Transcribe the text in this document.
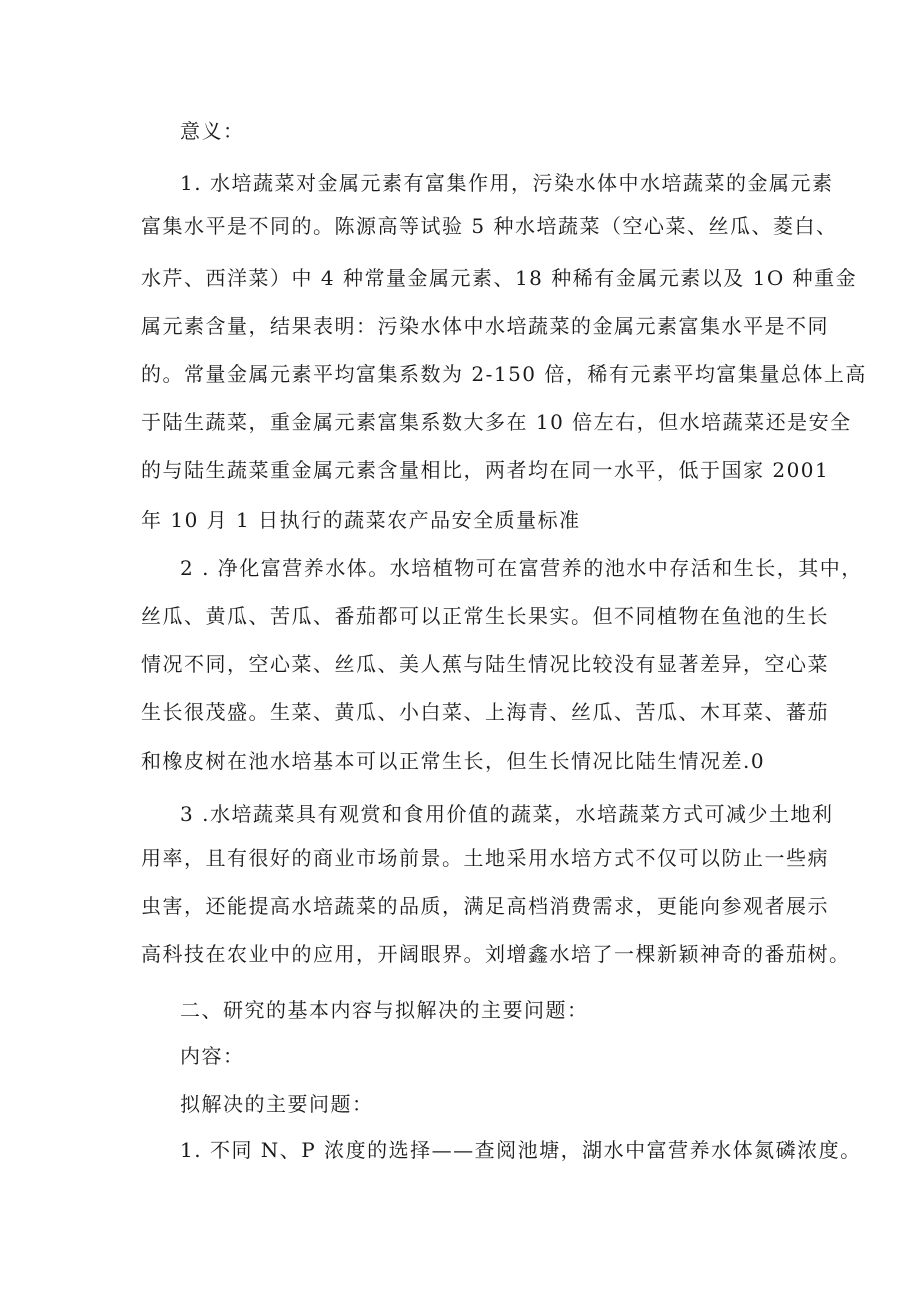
意义：

1. 水培蔬菜对金属元素有富集作用，污染水体中水培蔬菜的金属元素

富集水平是不同的。陈源高等试验 5 种水培蔬菜（空心菜、丝瓜、菱白、

水芹、西洋菜）中 4 种常量金属元素、18 种稀有金属元素以及 1O 种重金

属元素含量，结果表明：污染水体中水培蔬菜的金属元素富集水平是不同

的。常量金属元素平均富集系数为 2-150 倍，稀有元素平均富集量总体上高

于陆生蔬菜，重金属元素富集系数大多在 10 倍左右，但水培蔬菜还是安全

的与陆生蔬菜重金属元素含量相比，两者均在同一水平，低于国家 2001

年 10 月 1 日执行的蔬菜农产品安全质量标准

2 . 净化富营养水体。水培植物可在富营养的池水中存活和生长，其中，

丝瓜、黄瓜、苦瓜、番茄都可以正常生长果实。但不同植物在鱼池的生长

情况不同，空心菜、丝瓜、美人蕉与陆生情况比较没有显著差异，空心菜

生长很茂盛。生菜、黄瓜、小白菜、上海青、丝瓜、苦瓜、木耳菜、蕃茄

和橡皮树在池水培基本可以正常生长，但生长情况比陆生情况差.0

3 .水培蔬菜具有观赏和食用价值的蔬菜，水培蔬菜方式可减少土地利

用率，且有很好的商业市场前景。土地采用水培方式不仅可以防止一些病

虫害，还能提高水培蔬菜的品质，满足高档消费需求，更能向参观者展示

高科技在农业中的应用，开阔眼界。刘增鑫水培了一棵新颖神奇的番茄树。

二、研究的基本内容与拟解决的主要问题：

内容：

拟解决的主要问题：

1. 不同 N、P 浓度的选择——查阅池塘，湖水中富营养水体氮磷浓度。
